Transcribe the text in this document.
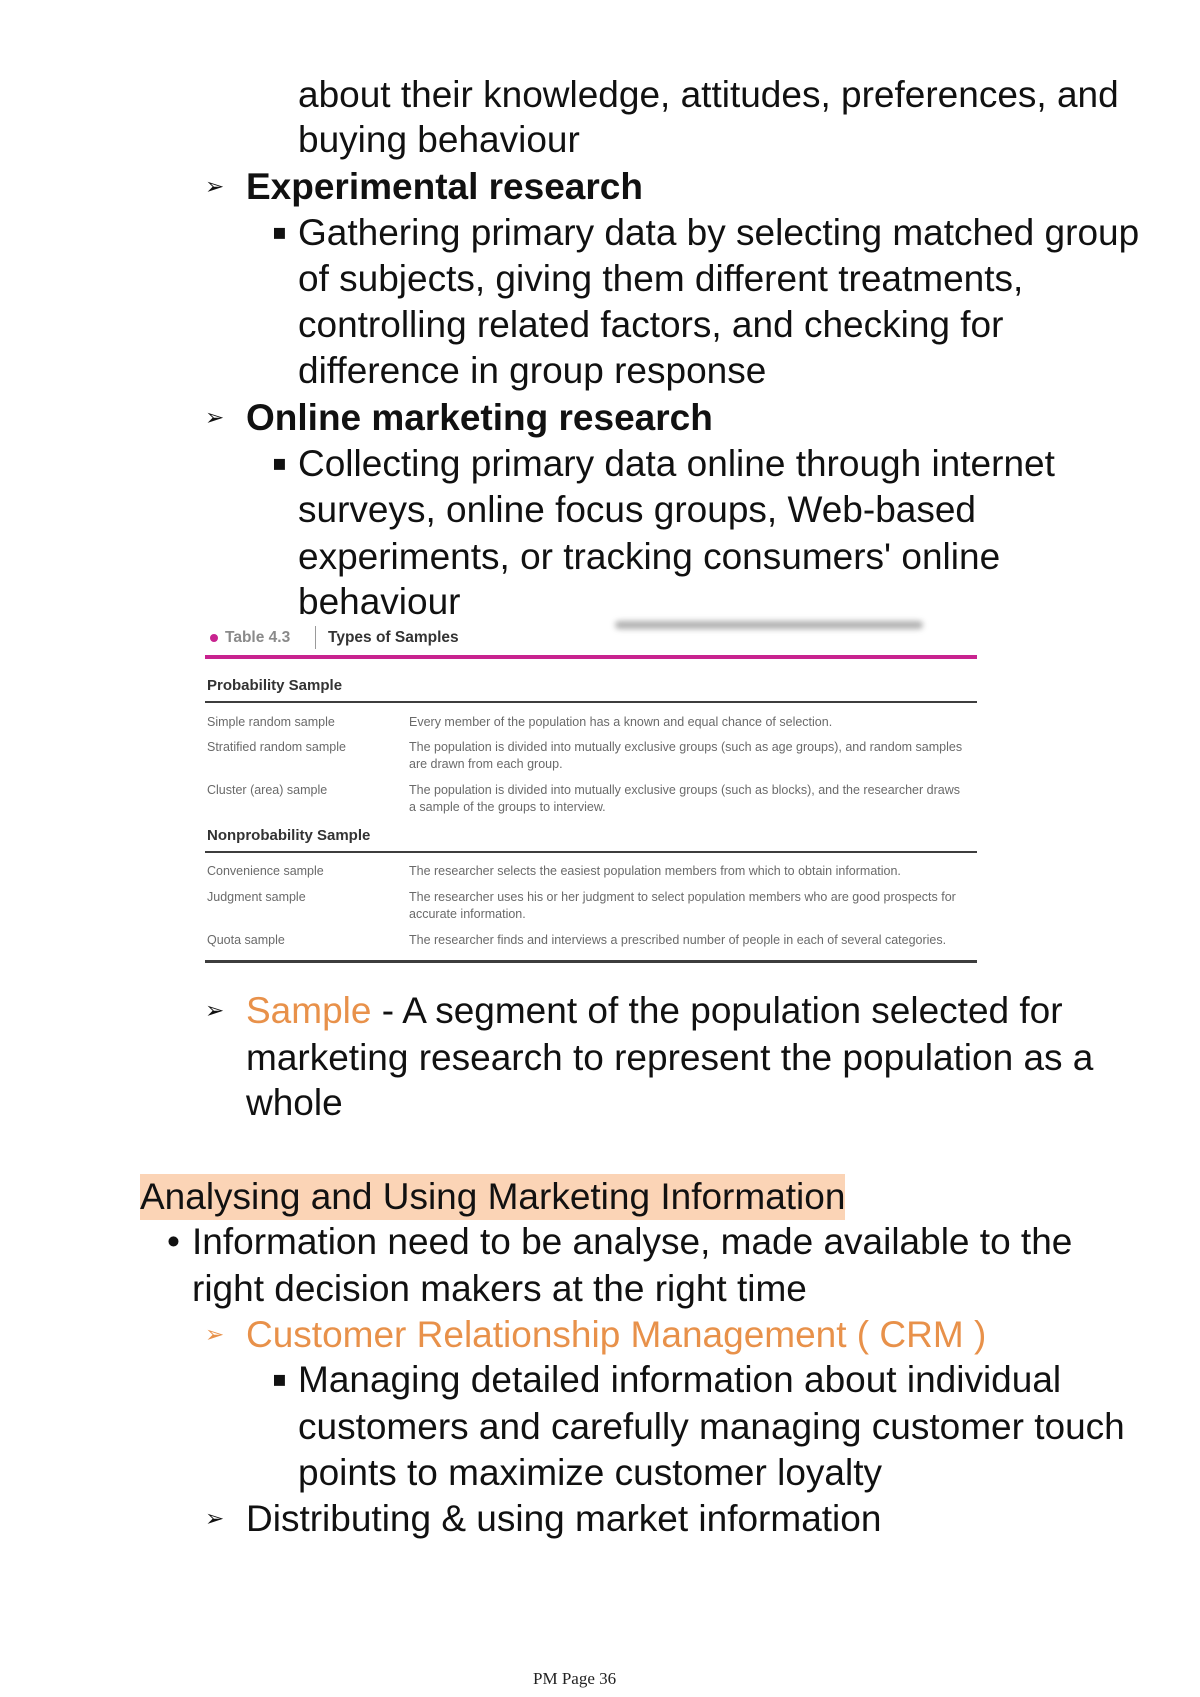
about their knowledge, attitudes, preferences, and
buying behaviour
➢ Experimental research
▪ Gathering primary data by selecting matched group
of subjects, giving them different treatments,
controlling related factors, and checking for
difference in group response
➢ Online marketing research
▪ Collecting primary data online through internet
surveys, online focus groups, Web-based
experiments, or tracking consumers' online
behaviour
Table 4.3 Types of Samples
Probability Sample
Simple random sample	Every member of the population has a known and equal chance of selection.
Stratified random sample	The population is divided into mutually exclusive groups (such as age groups), and random samples
are drawn from each group.
Cluster (area) sample	The population is divided into mutually exclusive groups (such as blocks), and the researcher draws
a sample of the groups to interview.
Nonprobability Sample
Convenience sample	The researcher selects the easiest population members from which to obtain information.
Judgment sample	The researcher uses his or her judgment to select population members who are good prospects for
accurate information.
Quota sample	The researcher finds and interviews a prescribed number of people in each of several categories.
➢ Sample - A segment of the population selected for
marketing research to represent the population as a
whole
Analysing and Using Marketing Information
• Information need to be analyse, made available to the
right decision makers at the right time
➢ Customer Relationship Management ( CRM )
▪ Managing detailed information about individual
customers and carefully managing customer touch
points to maximize customer loyalty
➢ Distributing & using market information
PM Page 36
